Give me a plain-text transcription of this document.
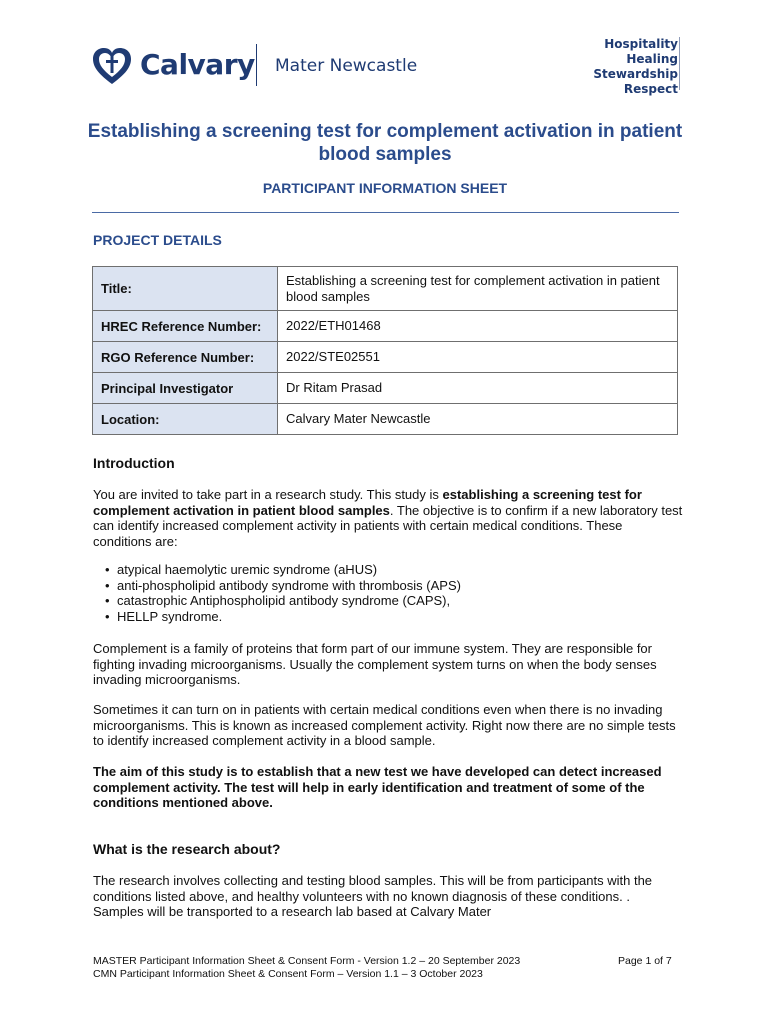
Calvary Mater Newcastle
Hospitality
Healing
Stewardship
Respect
Establishing a screening test for complement activation in patient blood samples
PARTICIPANT INFORMATION SHEET
PROJECT DETAILS
Title:	Establishing a screening test for complement activation in patient blood samples
HREC Reference Number:	2022/ETH01468
RGO Reference Number:	2022/STE02551
Principal Investigator	Dr Ritam Prasad
Location:	Calvary Mater Newcastle
Introduction
You are invited to take part in a research study. This study is establishing a screening test for complement activation in patient blood samples. The objective is to confirm if a new laboratory test can identify increased complement activity in patients with certain medical conditions. These conditions are:
• atypical haemolytic uremic syndrome (aHUS)
• anti-phospholipid antibody syndrome with thrombosis (APS)
• catastrophic Antiphospholipid antibody syndrome (CAPS),
• HELLP syndrome.
Complement is a family of proteins that form part of our immune system. They are responsible for fighting invading microorganisms. Usually the complement system turns on when the body senses invading microorganisms.
Sometimes it can turn on in patients with certain medical conditions even when there is no invading microorganisms. This is known as increased complement activity. Right now there are no simple tests to identify increased complement activity in a blood sample.
The aim of this study is to establish that a new test we have developed can detect increased complement activity. The test will help in early identification and treatment of some of the conditions mentioned above.
What is the research about?
The research involves collecting and testing blood samples. This will be from participants with the conditions listed above, and healthy volunteers with no known diagnosis of these conditions. . Samples will be transported to a research lab based at Calvary Mater
MASTER Participant Information Sheet & Consent Form - Version 1.2 – 20 September 2023
CMN Participant Information Sheet & Consent Form – Version 1.1 – 3 October 2023
Page 1 of 7
